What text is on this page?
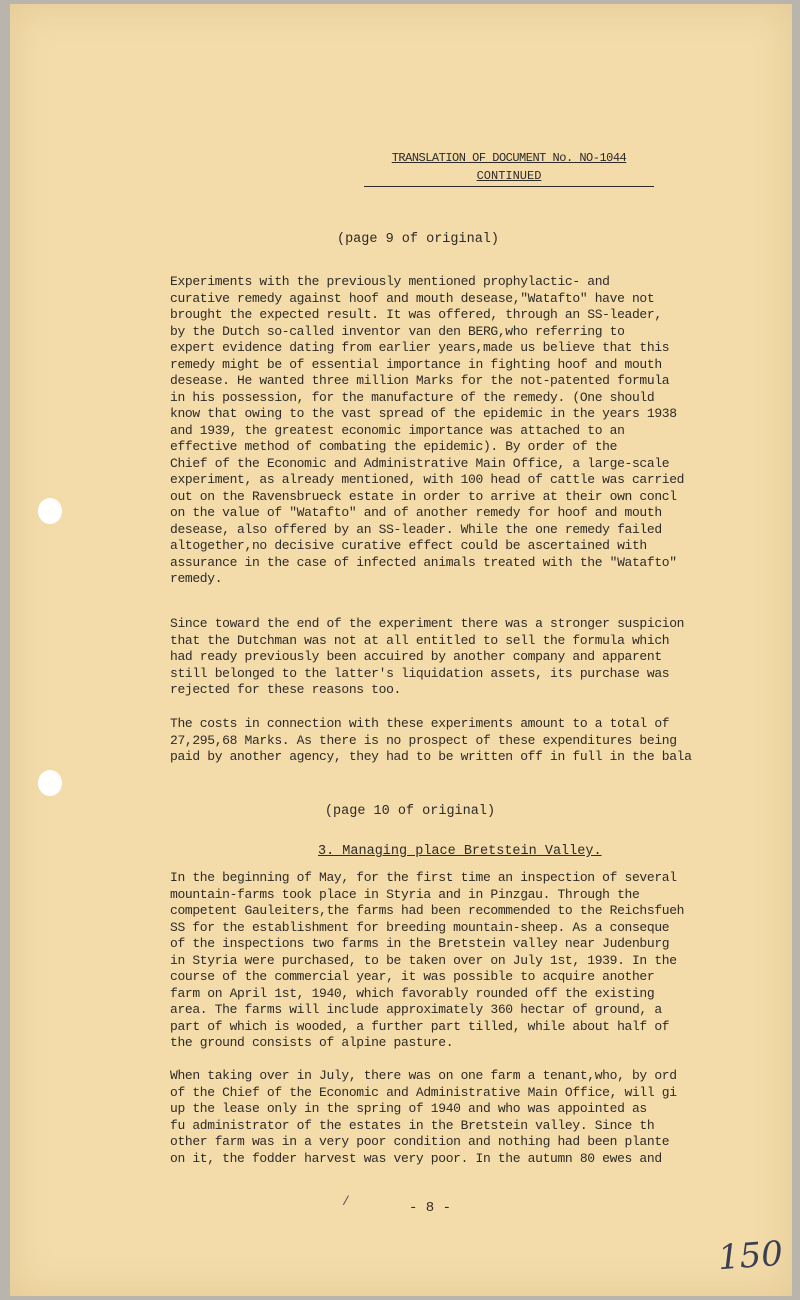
TRANSLATION OF DOCUMENT No. NO-1044
CONTINUED
(page 9 of original)
Experiments with the previously mentioned prophylactic- and
curative remedy against hoof and mouth desease,"Watafto" have not
brought the expected result. It was offered, through an SS-leader,
by the Dutch so-called inventor van den BERG,who referring to
expert evidence dating from earlier years,made us believe that this
remedy might be of essential importance in fighting hoof and mouth
desease. He wanted three million Marks for the not-patented formula
in his possession, for the manufacture of the remedy. (One should
know that owing to the vast spread of the epidemic in the years 1938
and 1939, the greatest economic importance was attached to an
effective method of combating the epidemic). By order of the
Chief of the Economic and Administrative Main Office, a large-scale
experiment, as already mentioned, with 100 head of cattle was carried
out on the Ravensbrueck estate in order to arrive at their own concl
on the value of "Watafto" and of another remedy for hoof and mouth
desease, also offered by an SS-leader. While the one remedy failed
altogether,no decisive curative effect could be ascertained with
assurance in the case of infected animals treated with the "Watafto"
remedy.
Since toward the end of the experiment there was a stronger suspicion
that the Dutchman was not at all entitled to sell the formula which
had ready previously been accuired by another company and apparent
still belonged to the latter's liquidation assets, its purchase was
rejected for these reasons too.
The costs in connection with these experiments amount to a total of
27,295,68 Marks. As there is no prospect of these expenditures being
paid by another agency, they had to be written off in full in the bala
(page 10 of original)
3. Managing place Bretstein Valley.
In the beginning of May, for the first time an inspection of several
mountain-farms took place in Styria and in Pinzgau. Through the
competent Gauleiters,the farms had been recommended to the Reichsfueh
SS for the establishment for breeding mountain-sheep. As a conseque
of the inspections two farms in the Bretstein valley near Judenburg
in Styria were purchased, to be taken over on July 1st, 1939. In the
course of the commercial year, it was possible to acquire another
farm on April 1st, 1940, which favorably rounded off the existing
area. The farms will include approximately 360 hectar of ground, a
part of which is wooded, a further part tilled, while about half of
the ground consists of alpine pasture.
When taking over in July, there was on one farm a tenant,who, by ord
of the Chief of the Economic and Administrative Main Office, will gi
up the lease only in the spring of 1940 and who was appointed as
fu administrator of the estates in the Bretstein valley. Since th
other farm was in a very poor condition and nothing had been plante
on it, the fodder harvest was very poor. In the autumn 80 ewes and
/	- 8 -
150
